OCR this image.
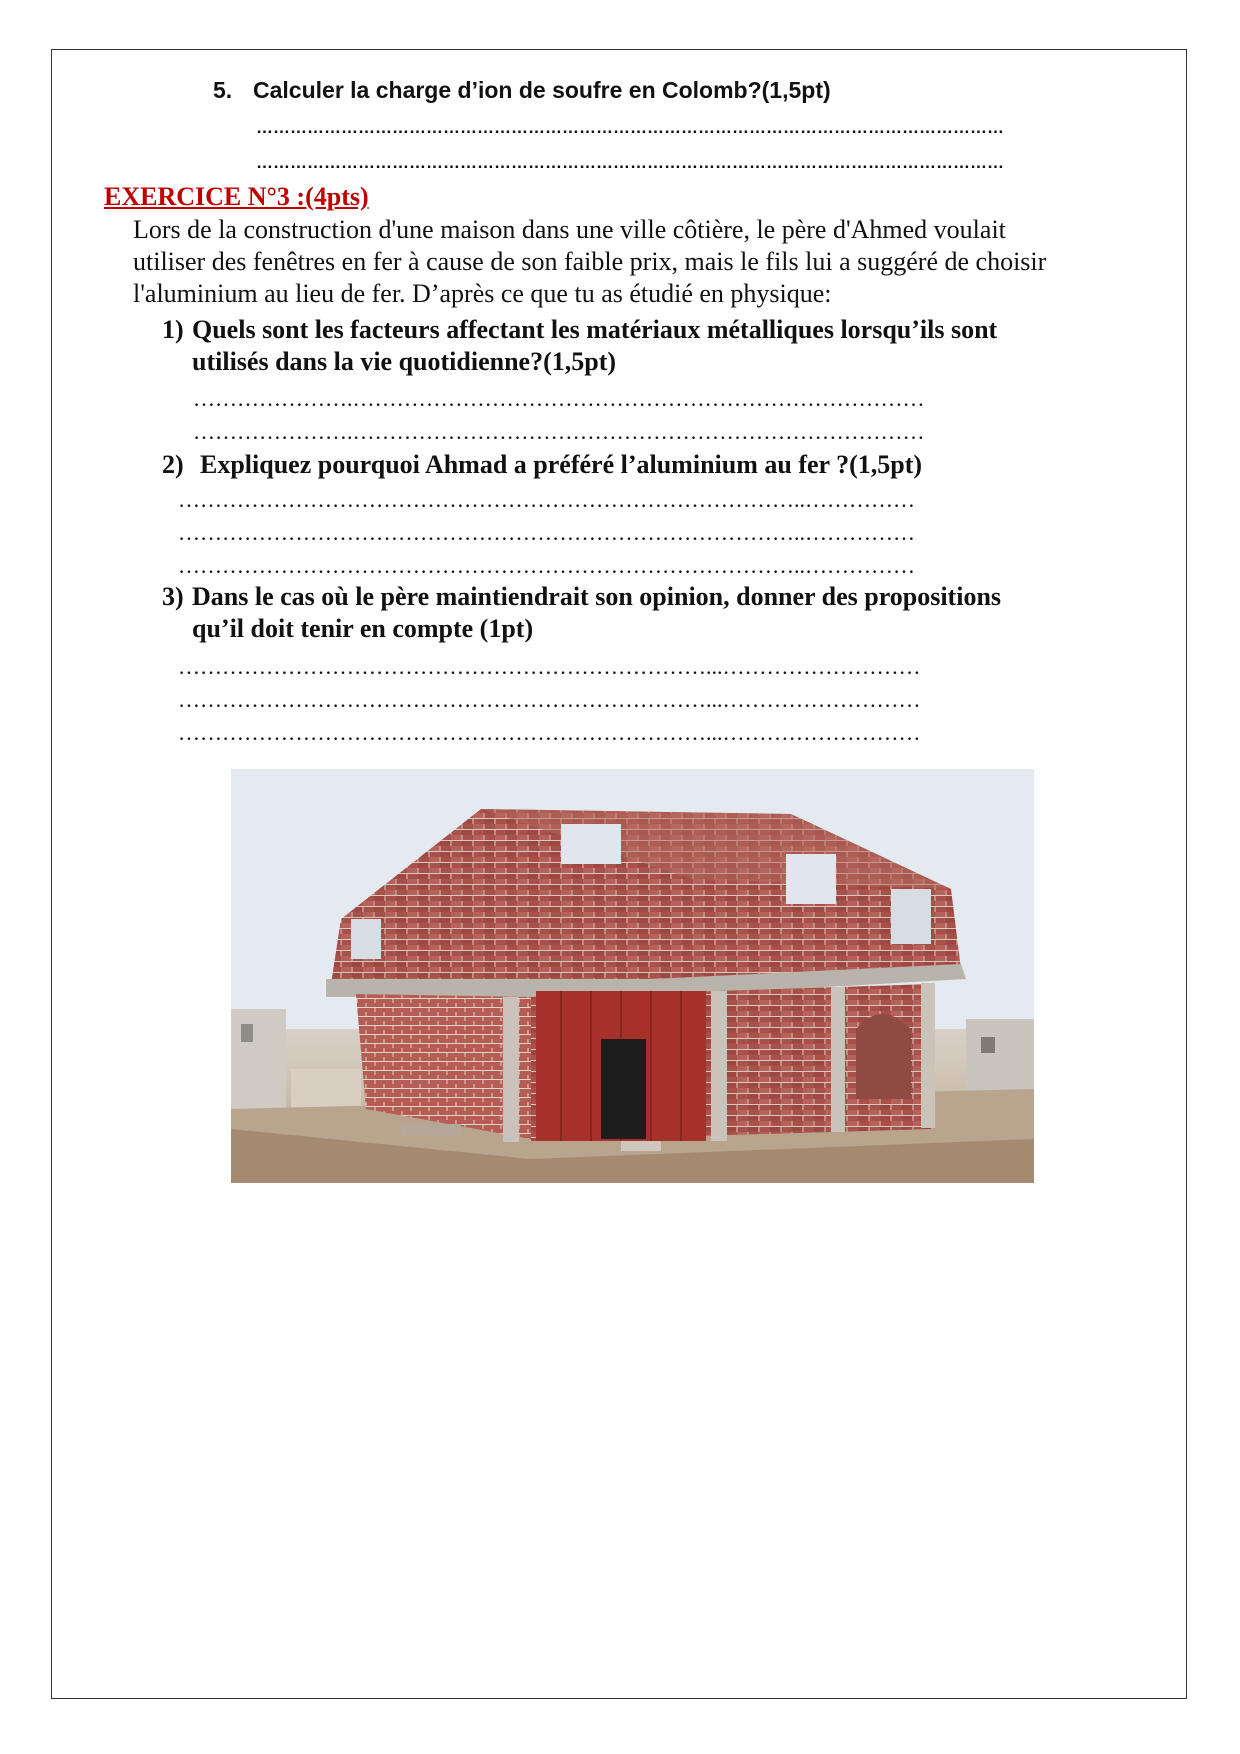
5. Calculer la charge d’ion de soufre en Colomb?(1,5pt)
……………………………………………………………………………………………………………………
……………………………………………………………………………………………………………………
EXERCICE N°3 :(4pts)
Lors de la construction d'une maison dans une ville côtière, le père d'Ahmed voulait
utiliser des fenêtres en fer à cause de son faible prix, mais le fils lui a suggéré de choisir
l'aluminium au lieu de fer. D’après ce que tu as étudié en physique:
1) Quels sont les facteurs affectant les matériaux métalliques lorsqu’ils sont
utilisés dans la vie quotidienne?(1,5pt)
………………….……………………………………………………………………
………………….……………………………………………………………………
2) Expliquez pourquoi Ahmad a préféré l’aluminium au fer ?(1,5pt)
…………………………………………………………………………..……………
…………………………………………………………………………..……………
…………………………………………………………………………..……………
3) Dans le cas où le père maintiendrait son opinion, donner des propositions
qu’il doit tenir en compte (1pt)
………………………………………………………………...………………………
………………………………………………………………...………………………
………………………………………………………………...………………………
